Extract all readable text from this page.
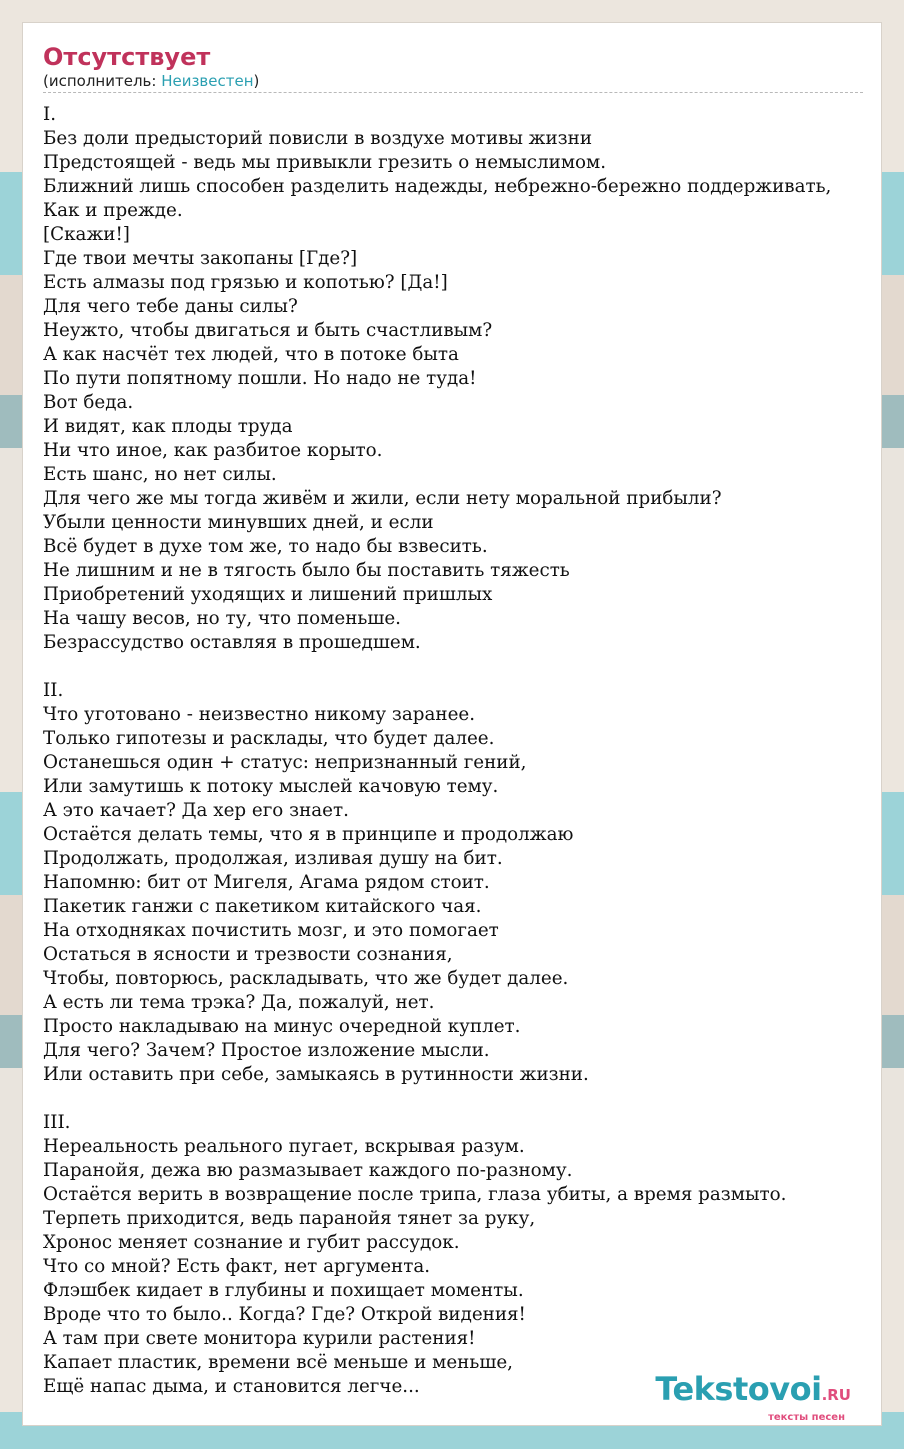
Отсутствует
(исполнитель: Неизвестен)
I.
Без доли предысторий повисли в воздухе мотивы жизни
Предстоящей - ведь мы привыкли грезить о немыслимом.
Ближний лишь способен разделить надежды, небрежно-бережно поддерживать,
Как и прежде.
[Скажи!]
Где твои мечты закопаны [Где?]
Есть алмазы под грязью и копотью? [Да!]
Для чего тебе даны силы?
Неужто, чтобы двигаться и быть счастливым?
А как насчёт тех людей, что в потоке быта
По пути попятному пошли. Но надо не туда!
Вот беда.
И видят, как плоды труда
Ни что иное, как разбитое корыто.
Есть шанс, но нет силы.
Для чего же мы тогда живём и жили, если нету моральной прибыли?
Убыли ценности минувших дней, и если
Всё будет в духе том же, то надо бы взвесить.
Не лишним и не в тягость было бы поставить тяжесть
Приобретений уходящих и лишений пришлых
На чашу весов, но ту, что поменьше.
Безрассудство оставляя в прошедшем.

II.
Что уготовано - неизвестно никому заранее.
Только гипотезы и расклады, что будет далее.
Останешься один + статус: непризнанный гений,
Или замутишь к потоку мыслей качовую тему.
А это качает? Да хер его знает.
Остаётся делать темы, что я в принципе и продолжаю
Продолжать, продолжая, изливая душу на бит.
Напомню: бит от Мигеля, Агама рядом стоит.
Пакетик ганжи с пакетиком китайского чая.
На отходняках почистить мозг, и это помогает
Остаться в ясности и трезвости сознания,
Чтобы, повторюсь, раскладывать, что же будет далее.
А есть ли тема трэка? Да, пожалуй, нет.
Просто накладываю на минус очередной куплет.
Для чего? Зачем? Простое изложение мысли.
Или оставить при себе, замыкаясь в рутинности жизни.

III.
Нереальность реального пугает, вскрывая разум.
Паранойя, дежа вю размазывает каждого по-разному.
Остаётся верить в возвращение после трипа, глаза убиты, а время размыто.
Терпеть приходится, ведь паранойя тянет за руку,
Хронос меняет сознание и губит рассудок.
Что со мной? Есть факт, нет аргумента.
Флэшбек кидает в глубины и похищает моменты.
Вроде что то было.. Когда? Где? Открой видения!
А там при свете монитора курили растения!
Капает пластик, времени всё меньше и меньше,
Ещё напас дыма, и становится легче...	Tekstovoi.RU
тексты песен
